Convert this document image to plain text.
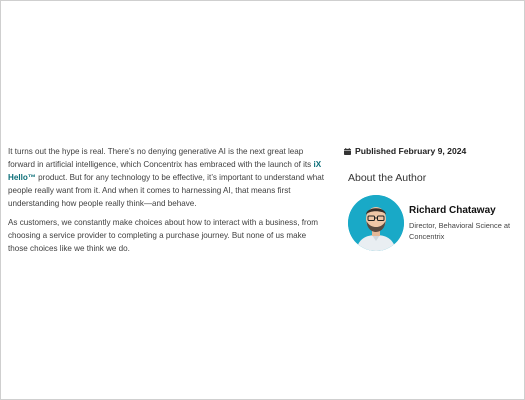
It turns out the hype is real. There’s no denying generative AI is the next great leap forward in artificial intelligence, which Concentrix has embraced with the launch of its iX Hello™ product. But for any technology to be effective, it’s important to understand what people really want from it. And when it comes to harnessing AI, that means first understanding how people really think—and behave.

As customers, we constantly make choices about how to interact with a business, from choosing a service provider to completing a purchase journey. But none of us make those choices like we think we do.

Published February 9, 2024
About the Author
Richard Chataway
Director, Behavioral Science at Concentrix
